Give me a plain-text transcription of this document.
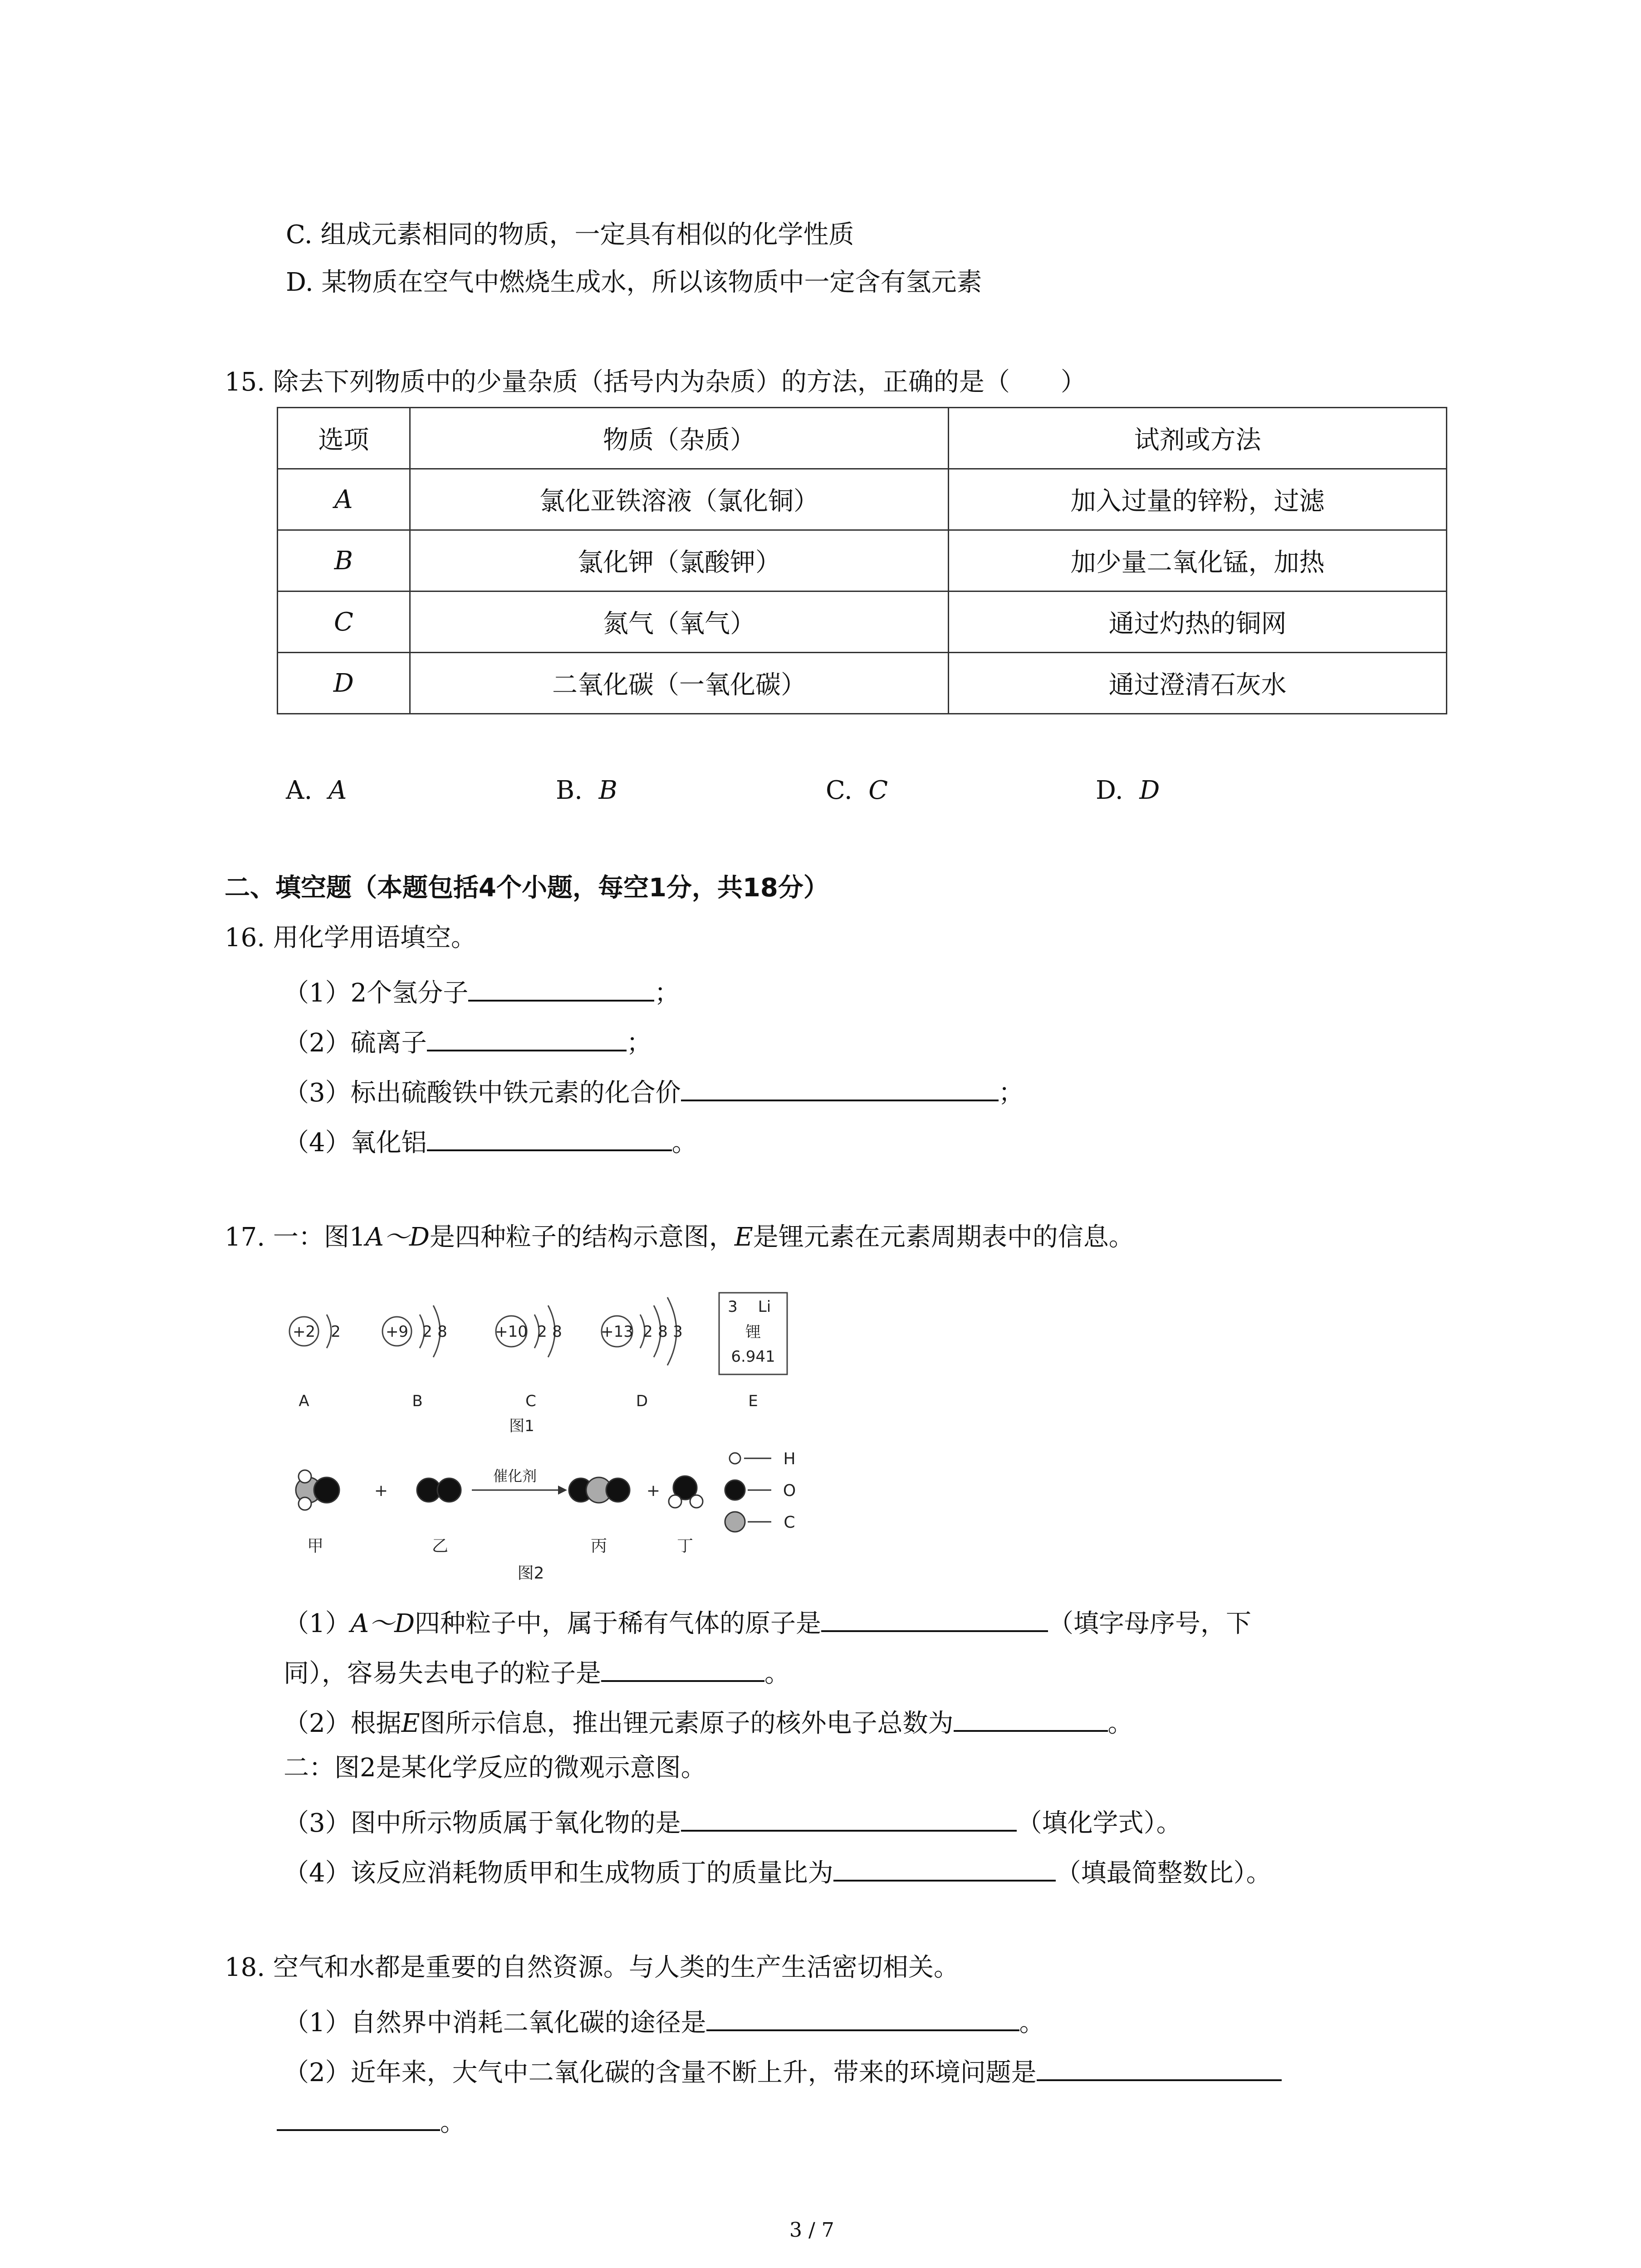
C. 组成元素相同的物质，一定具有相似的化学性质
D. 某物质在空气中燃烧生成水，所以该物质中一定含有氢元素
15. 除去下列物质中的少量杂质（括号内为杂质）的方法，正确的是（　　）
选项	物质（杂质）	试剂或方法
A	氯化亚铁溶液（氯化铜）	加入过量的锌粉，过滤
B	氯化钾（氯酸钾）	加少量二氧化锰，加热
C	氮气（氧气）	通过灼热的铜网
D	二氧化碳（一氧化碳）	通过澄清石灰水
A. A	B. B	C. C	D. D
二、填空题（本题包括4个小题，每空1分，共18分）
16. 用化学用语填空。
（1）2个氢分子	；
（2）硫离子	；
（3）标出硫酸铁中铁元素的化合价	；
（4）氧化铝	。
17. 一：图1A～D是四种粒子的结构示意图，E是锂元素在元素周期表中的信息。
+2 2	+9 2 8	+10 2 8	+13 2 8 3
3 Li
锂
6.941
A	B	C	D	E
图1
+	+
催化剂
H
O
C
甲	乙	丙	丁
图2
（1）A～D四种粒子中，属于稀有气体的原子是	（填字母序号，下
同），容易失去电子的粒子是	。
（2）根据E图所示信息，推出锂元素原子的核外电子总数为	。
二：图2是某化学反应的微观示意图。
（3）图中所示物质属于氧化物的是	（填化学式）。
（4）该反应消耗物质甲和生成物质丁的质量比为	（填最简整数比）。
18. 空气和水都是重要的自然资源。与人类的生产生活密切相关。
（1）自然界中消耗二氧化碳的途径是	。
（2）近年来，大气中二氧化碳的含量不断上升，带来的环境问题是
。
3 / 7
